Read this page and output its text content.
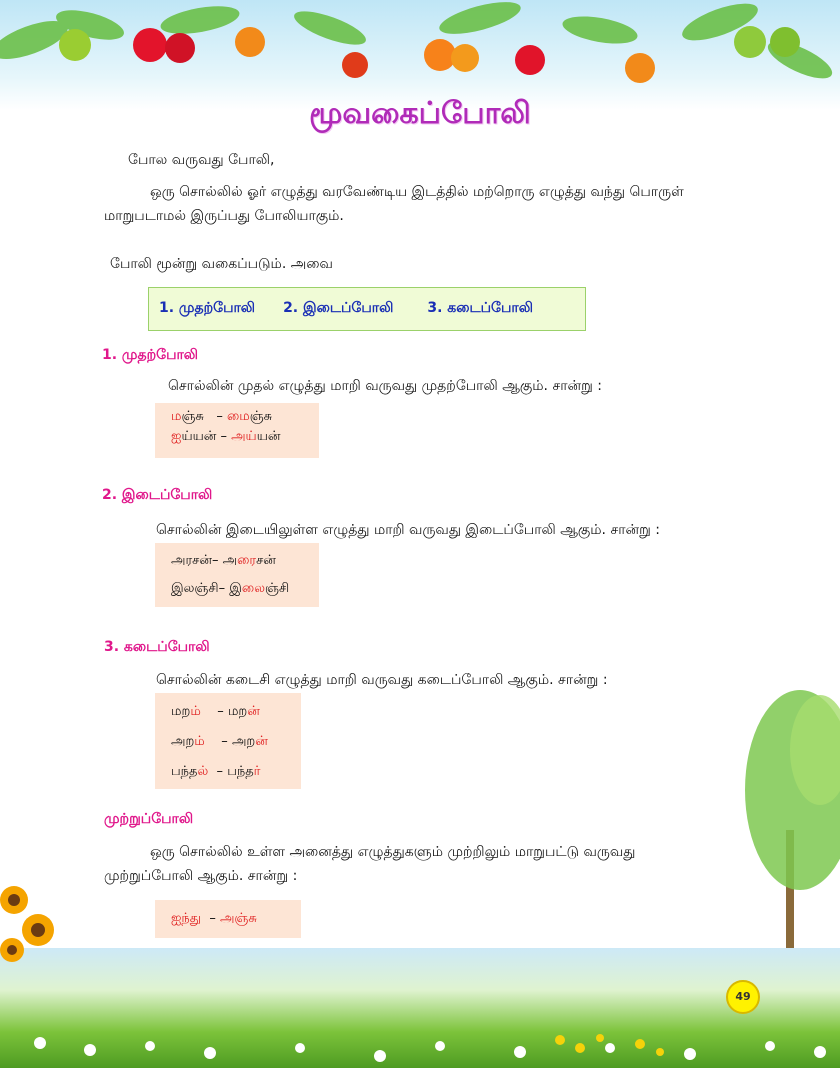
மூவகைப்போலி
போல வருவது போலி,
ஒரு சொல்லில் ஓர் எழுத்து வரவேண்டிய இடத்தில் மற்றொரு எழுத்து வந்து பொருள் மாறுபடாமல் இருப்பது போலியாகும்.
போலி மூன்று வகைப்படும். அவை
1. முதற்போலி 2. இடைப்போலி 3. கடைப்போலி
1. முதற்போலி
சொல்லின் முதல் எழுத்து மாறி வருவது முதற்போலி ஆகும். சான்று :
மஞ்சு   – மைஞ்சு
ஐய்யன் – அய்யன்
2. இடைப்போலி
சொல்லின் இடையிலுள்ள எழுத்து மாறி வருவது இடைப்போலி ஆகும். சான்று :
அரசன்– அரைசன்
இலஞ்சி– இலைஞ்சி
3. கடைப்போலி
சொல்லின் கடைசி எழுத்து மாறி வருவது கடைப்போலி ஆகும். சான்று :
மறம்    – மறன்
அறம்    – அறன்
பந்தல்  – பந்தர்
முற்றுப்போலி
ஒரு சொல்லில் உள்ள அனைத்து எழுத்துகளும் முற்றிலும் மாறுபட்டு வருவது முற்றுப்போலி ஆகும். சான்று :
ஐந்து  – அஞ்சு
49
